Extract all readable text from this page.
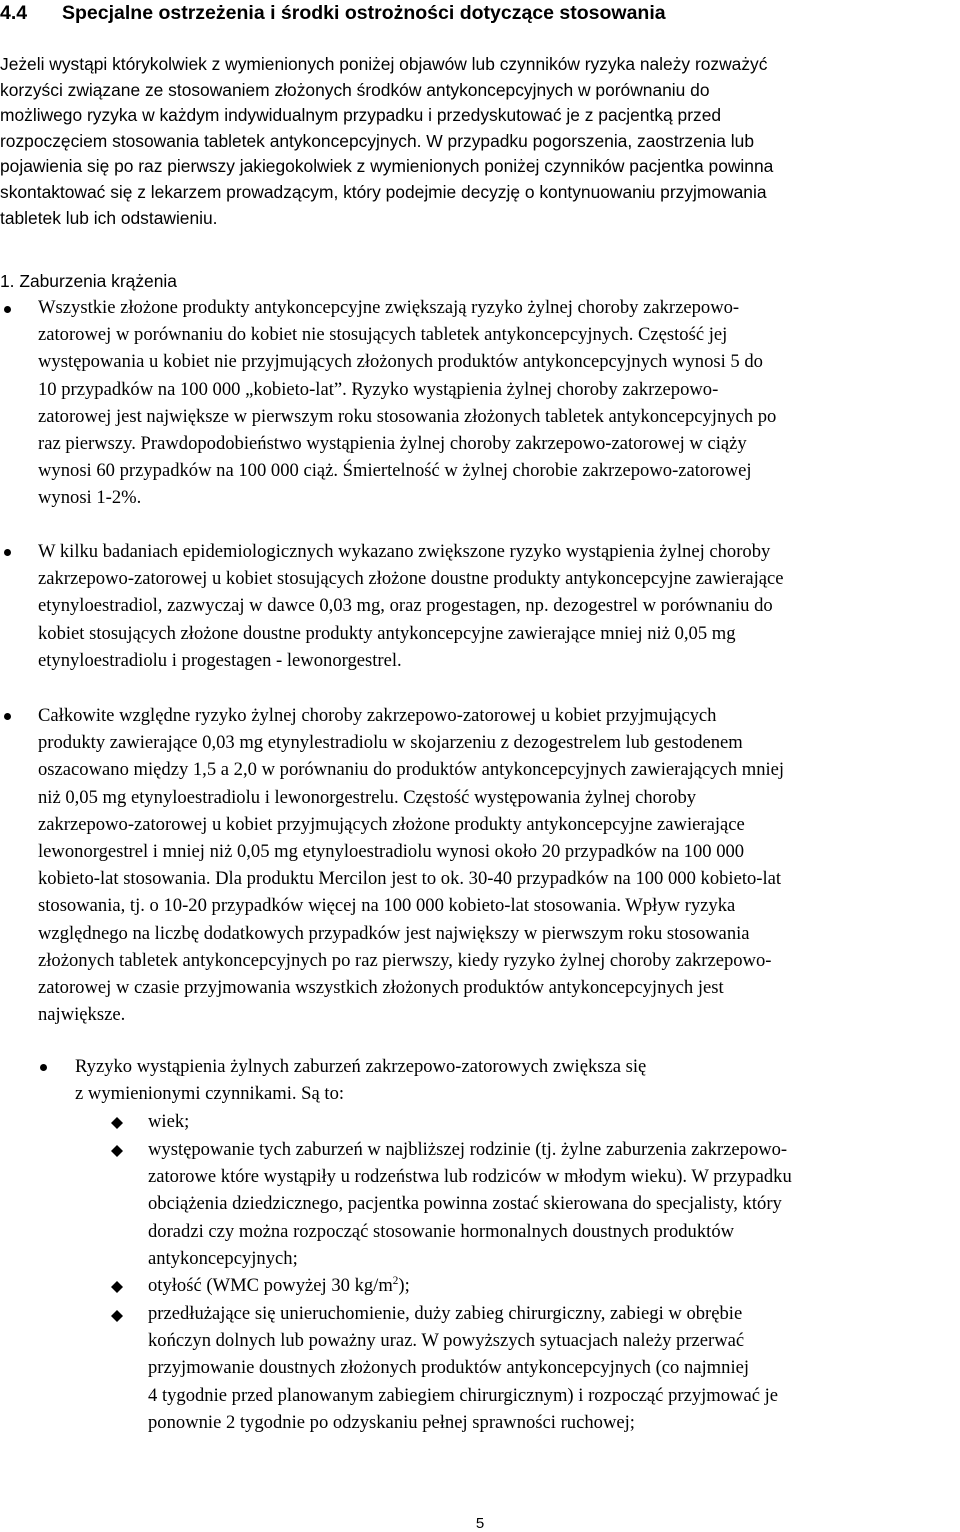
4.4 Specjalne ostrzeżenia i środki ostrożności dotyczące stosowania
Jeżeli wystąpi którykolwiek z wymienionych poniżej objawów lub czynników ryzyka należy rozważyć
korzyści związane ze stosowaniem złożonych środków antykoncepcyjnych w porównaniu do
możliwego ryzyka w każdym indywidualnym przypadku i przedyskutować je z pacjentką przed
rozpoczęciem stosowania tabletek antykoncepcyjnych. W przypadku pogorszenia, zaostrzenia lub
pojawienia się po raz pierwszy jakiegokolwiek z wymienionych poniżej czynników pacjentka powinna
skontaktować się z lekarzem prowadzącym, który podejmie decyzję o kontynuowaniu przyjmowania
tabletek lub ich odstawieniu.
1. Zaburzenia krążenia
Wszystkie złożone produkty antykoncepcyjne zwiększają ryzyko żylnej choroby zakrzepowo-
zatorowej w porównaniu do kobiet nie stosujących tabletek antykoncepcyjnych. Częstość jej
występowania u kobiet nie przyjmujących złożonych produktów antykoncepcyjnych wynosi 5 do
10 przypadków na 100 000 „kobieto-lat”. Ryzyko wystąpienia żylnej choroby zakrzepowo-
zatorowej jest największe w pierwszym roku stosowania złożonych tabletek antykoncepcyjnych po
raz pierwszy. Prawdopodobieństwo wystąpienia żylnej choroby zakrzepowo-zatorowej w ciąży
wynosi 60 przypadków na 100 000 ciąż. Śmiertelność w żylnej chorobie zakrzepowo-zatorowej
wynosi 1-2%.
W kilku badaniach epidemiologicznych wykazano zwiększone ryzyko wystąpienia żylnej choroby
zakrzepowo-zatorowej u kobiet stosujących złożone doustne produkty antykoncepcyjne zawierające
etynyloestradiol, zazwyczaj w dawce 0,03 mg, oraz progestagen, np. dezogestrel w porównaniu do
kobiet stosujących złożone doustne produkty antykoncepcyjne zawierające mniej niż 0,05 mg
etynyloestradiolu i progestagen - lewonorgestrel.
Całkowite względne ryzyko żylnej choroby zakrzepowo-zatorowej u kobiet przyjmujących
produkty zawierające 0,03 mg etynylestradiolu w skojarzeniu z dezogestrelem lub gestodenem
oszacowano między 1,5 a 2,0 w porównaniu do produktów antykoncepcyjnych zawierających mniej
niż 0,05 mg etynyloestradiolu i lewonorgestrelu. Częstość występowania żylnej choroby
zakrzepowo-zatorowej u kobiet przyjmujących złożone produkty antykoncepcyjne zawierające
lewonorgestrel i mniej niż 0,05 mg etynyloestradiolu wynosi około 20 przypadków na 100 000
kobieto-lat stosowania. Dla produktu Mercilon jest to ok. 30-40 przypadków na 100 000 kobieto-lat
stosowania, tj. o 10-20 przypadków więcej na 100 000 kobieto-lat stosowania. Wpływ ryzyka
względnego na liczbę dodatkowych przypadków jest największy w pierwszym roku stosowania
złożonych tabletek antykoncepcyjnych po raz pierwszy, kiedy ryzyko żylnej choroby zakrzepowo-
zatorowej w czasie przyjmowania wszystkich złożonych produktów antykoncepcyjnych jest
największe.
Ryzyko wystąpienia żylnych zaburzeń zakrzepowo-zatorowych zwiększa się
z wymienionymi czynnikami. Są to:
wiek;
występowanie tych zaburzeń w najbliższej rodzinie (tj. żylne zaburzenia zakrzepowo-
zatorowe które wystąpiły u rodzeństwa lub rodziców w młodym wieku). W przypadku
obciążenia dziedzicznego, pacjentka powinna zostać skierowana do specjalisty, który
doradzi czy można rozpocząć stosowanie hormonalnych doustnych produktów
antykoncepcyjnych;
otyłość (WMC powyżej 30 $kg/m^2$);
przedłużające się unieruchomienie, duży zabieg chirurgiczny, zabiegi w obrębie
kończyn dolnych lub poważny uraz. W powyższych sytuacjach należy przerwać
przyjmowanie doustnych złożonych produktów antykoncepcyjnych (co najmniej
4 tygodnie przed planowanym zabiegiem chirurgicznym) i rozpocząć przyjmować je
ponownie 2 tygodnie po odzyskaniu pełnej sprawności ruchowej;
5
